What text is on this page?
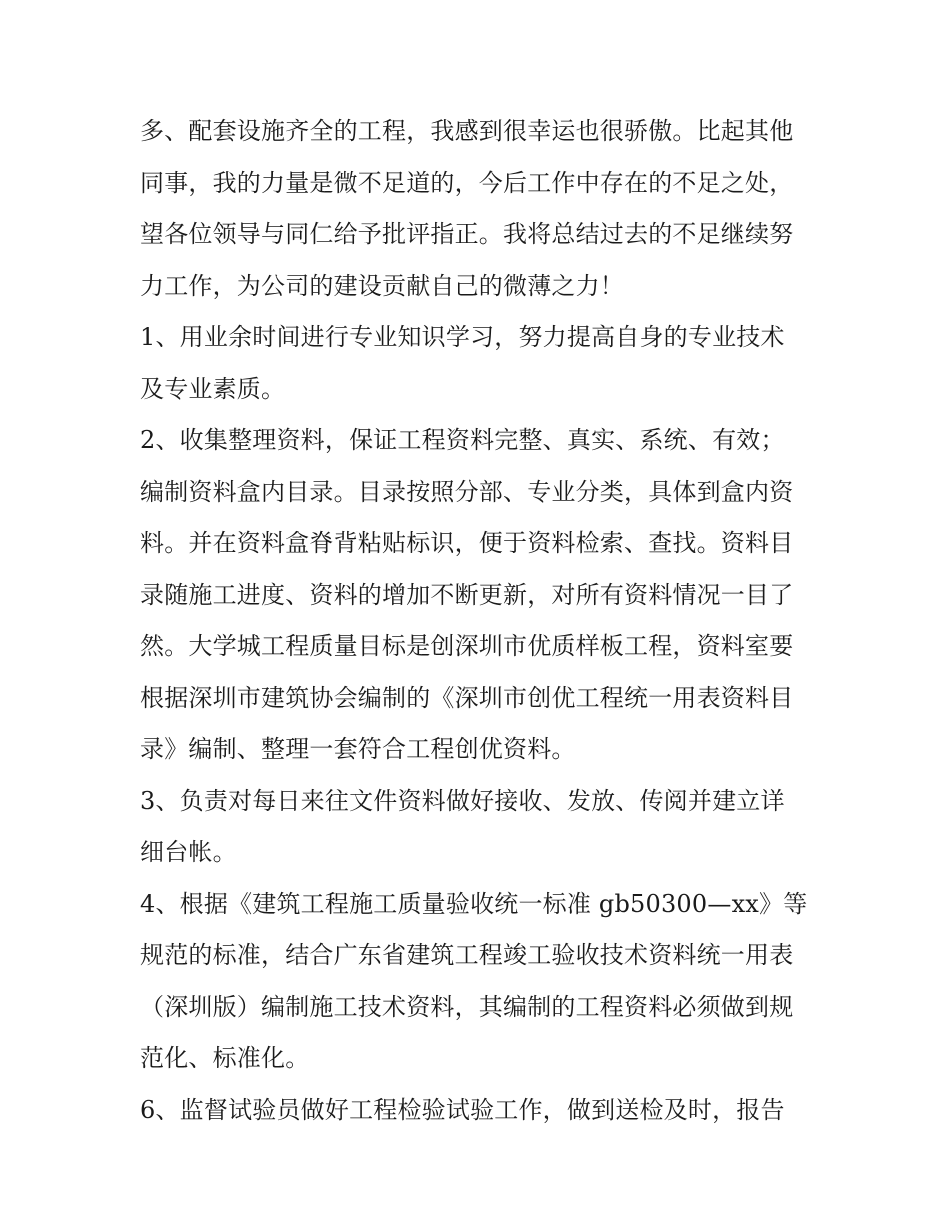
多、配套设施齐全的工程，我感到很幸运也很骄傲。比起其他
同事，我的力量是微不足道的，今后工作中存在的不足之处，
望各位领导与同仁给予批评指正。我将总结过去的不足继续努
力工作，为公司的建设贡献自己的微薄之力！
1、用业余时间进行专业知识学习，努力提高自身的专业技术
及专业素质。
2、收集整理资料，保证工程资料完整、真实、系统、有效；
编制资料盒内目录。目录按照分部、专业分类，具体到盒内资
料。并在资料盒脊背粘贴标识，便于资料检索、查找。资料目
录随施工进度、资料的增加不断更新，对所有资料情况一目了
然。大学城工程质量目标是创深圳市优质样板工程，资料室要
根据深圳市建筑协会编制的《深圳市创优工程统一用表资料目
录》编制、整理一套符合工程创优资料。
3、负责对每日来往文件资料做好接收、发放、传阅并建立详
细台帐。
4、根据《建筑工程施工质量验收统一标准 gb50300—xx》等
规范的标准，结合广东省建筑工程竣工验收技术资料统一用表
（深圳版）编制施工技术资料，其编制的工程资料必须做到规
范化、标准化。
6、监督试验员做好工程检验试验工作，做到送检及时，报告
